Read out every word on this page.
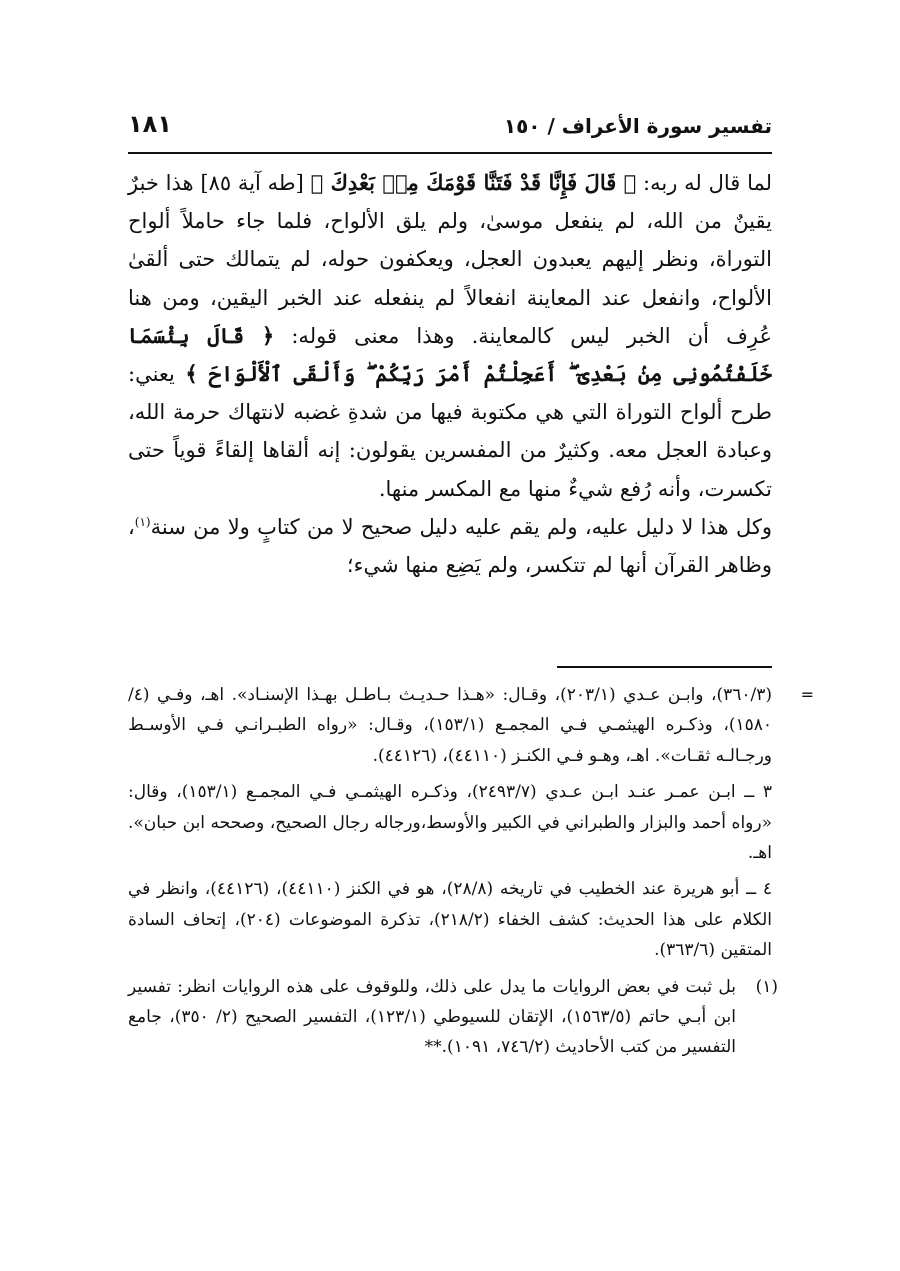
تفسير سورة الأعراف / ١٥٠
١٨١

لما قال له ربه: ﴿ قَالَ فَإِنَّا قَدْ فَتَنَّا قَوْمَكَ مِنۢ بَعْدِكَ ﴾ [طه آية ٨٥] هذا خبرٌ يقينٌ من الله، لم ينفعل موسىٰ، ولم يلق الألواح، فلما جاء حاملاً ألواح التوراة، ونظر إليهم يعبدون العجل، ويعكفون حوله، لم يتمالك حتى ألقىٰ الألواح، وانفعل عند المعاينة انفعالاً لم ينفعله عند الخبر اليقين، ومن هنا عُرِف أن الخبر ليس كالمعاينة. وهذا معنى قوله: ﴿ قَالَ بِئْسَمَا خَلَفْتُمُونِى مِنۢ بَعْدِىٓ ۖ أَعَجِلْتُمْ أَمْرَ رَبِّكُمْ ۖ وَأَلْقَى ٱلْأَلْوَاحَ ﴾ يعني: طرح ألواح التوراة التي هي مكتوبة فيها من شدةِ غضبه لانتهاك حرمة الله، وعبادة العجل معه. وكثيرٌ من المفسرين يقولون: إنه ألقاها إلقاءً قوياً حتى تكسرت، وأنه رُفع شيءٌ منها مع المكسر منها.

وكل هذا لا دليل عليه، ولم يقم عليه دليل صحيح لا من كتابٍ ولا من سنة$^{(١)}$، وظاهر القرآن أنها لم تتكسر، ولم يَضِع منها شيء؛

=

(٣٦٠/٣)، وابـن عـدي (٢٠٣/١)، وقـال: «هـذا حـديـث بـاطـل بهـذا الإسنـاد». اهـ، وفـي (٤/ ١٥٨٠)، وذكـره الهيثمـي فـي المجمـع (١٥٣/١)، وقـال: «رواه الطبـرانـي فـي الأوسـط ورجـالـه ثقـات». اهـ، وهـو فـي الكنـز (٤٤١١٠)، (٤٤١٢٦).

٣ ــ ابـن عمـر عنـد ابـن عـدي (٢٤٩٣/٧)، وذكـره الهيثمـي فـي المجمـع (١٥٣/١)، وقال: «رواه أحمد والبزار والطبراني في الكبير والأوسط،ورجاله رجال الصحيح، وصححه ابن حبان». اهـ.

٤ ــ أبو هريرة عند الخطيب في تاريخه (٢٨/٨)، هو في الكنز (٤٤١١٠)، (٤٤١٢٦)، وانظر في الكلام على هذا الحديث: كشف الخفاء (٢١٨/٢)، تذكرة الموضوعات (٢٠٤)، إتحاف السادة المتقين (٣٦٣/٦).

(١)

بل ثبت في بعض الروايات ما يدل على ذلك، وللوقوف على هذه الروايات انظر: تفسير ابن أبـي حاتم (١٥٦٣/٥)، الإتقان للسيوطي (١٢٣/١)، التفسير الصحيح (٢/ ٣٥٠)، جامع التفسير من كتب الأحاديث (٧٤٦/٢، ١٠٩١).**
